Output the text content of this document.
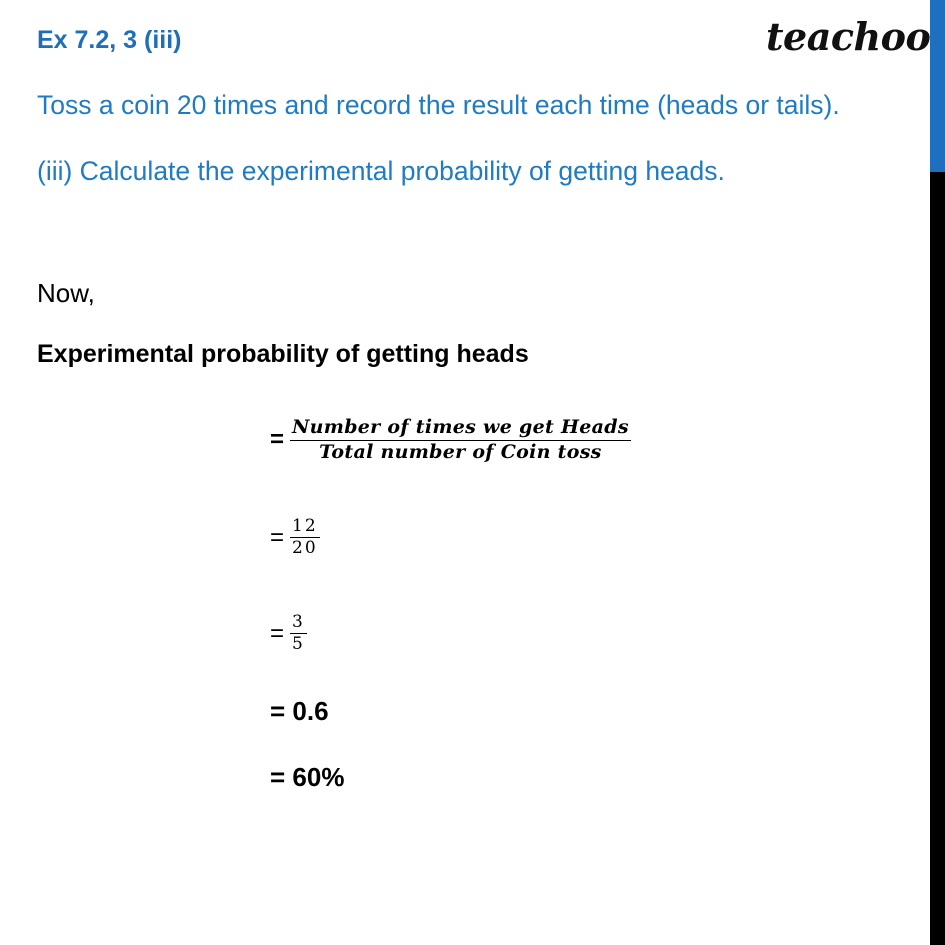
Ex 7.2, 3 (iii)	teachoo
Toss a coin 20 times and record the result each time (heads or tails).
(iii) Calculate the experimental probability of getting heads.
Now,
Experimental probability of getting heads
= $\frac{\text{Number of times we get Heads}}{\text{Total number of Coin toss}}$
= $\frac{12}{20}$
= $\frac{3}{5}$
= 0.6
= 60%
